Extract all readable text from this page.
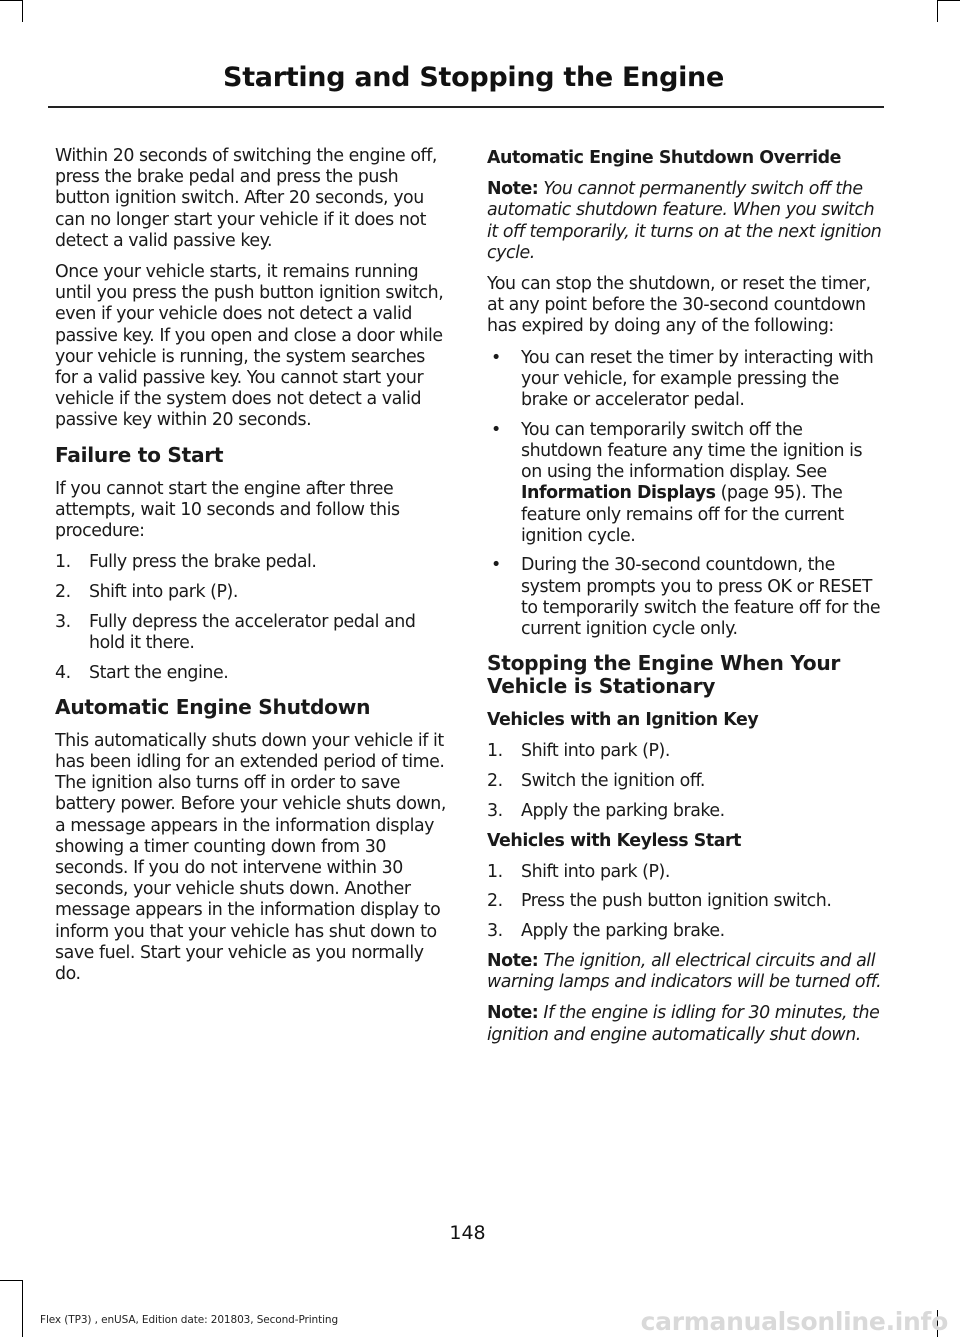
Starting and Stopping the Engine

Within 20 seconds of switching the engine off, press the brake pedal and press the push button ignition switch. After 20 seconds, you can no longer start your vehicle if it does not detect a valid passive key.

Once your vehicle starts, it remains running until you press the push button ignition switch, even if your vehicle does not detect a valid passive key. If you open and close a door while your vehicle is running, the system searches for a valid passive key. You cannot start your vehicle if the system does not detect a valid passive key within 20 seconds.

Failure to Start

If you cannot start the engine after three attempts, wait 10 seconds and follow this procedure:

1. Fully press the brake pedal.
2. Shift into park (P).
3. Fully depress the accelerator pedal and hold it there.
4. Start the engine.
Automatic Engine Shutdown

This automatically shuts down your vehicle if it has been idling for an extended period of time. The ignition also turns off in order to save battery power. Before your vehicle shuts down, a message appears in the information display showing a timer counting down from 30 seconds. If you do not intervene within 30 seconds, your vehicle shuts down. Another message appears in the information display to inform you that your vehicle has shut down to save fuel. Start your vehicle as you normally do.

Automatic Engine Shutdown Override

Note: You cannot permanently switch off the automatic shutdown feature. When you switch it off temporarily, it turns on at the next ignition cycle.

You can stop the shutdown, or reset the timer, at any point before the 30-second countdown has expired by doing any of the following:

• You can reset the timer by interacting with your vehicle, for example pressing the brake or accelerator pedal.
• You can temporarily switch off the shutdown feature any time the ignition is on using the information display. See Information Displays (page 95). The feature only remains off for the current ignition cycle.
• During the 30-second countdown, the system prompts you to press OK or RESET to temporarily switch the feature off for the current ignition cycle only.
Stopping the Engine When Your Vehicle is Stationary
Vehicles with an Ignition Key
1. Shift into park (P).
2. Switch the ignition off.
3. Apply the parking brake.
Vehicles with Keyless Start
1. Shift into park (P).
2. Press the push button ignition switch.
3. Apply the parking brake.

Note: The ignition, all electrical circuits and all warning lamps and indicators will be turned off.

Note: If the engine is idling for 30 minutes, the ignition and engine automatically shut down.

148
Flex (TP3) , enUSA, Edition date: 201803, Second-Printing	carmanualsonline.info
